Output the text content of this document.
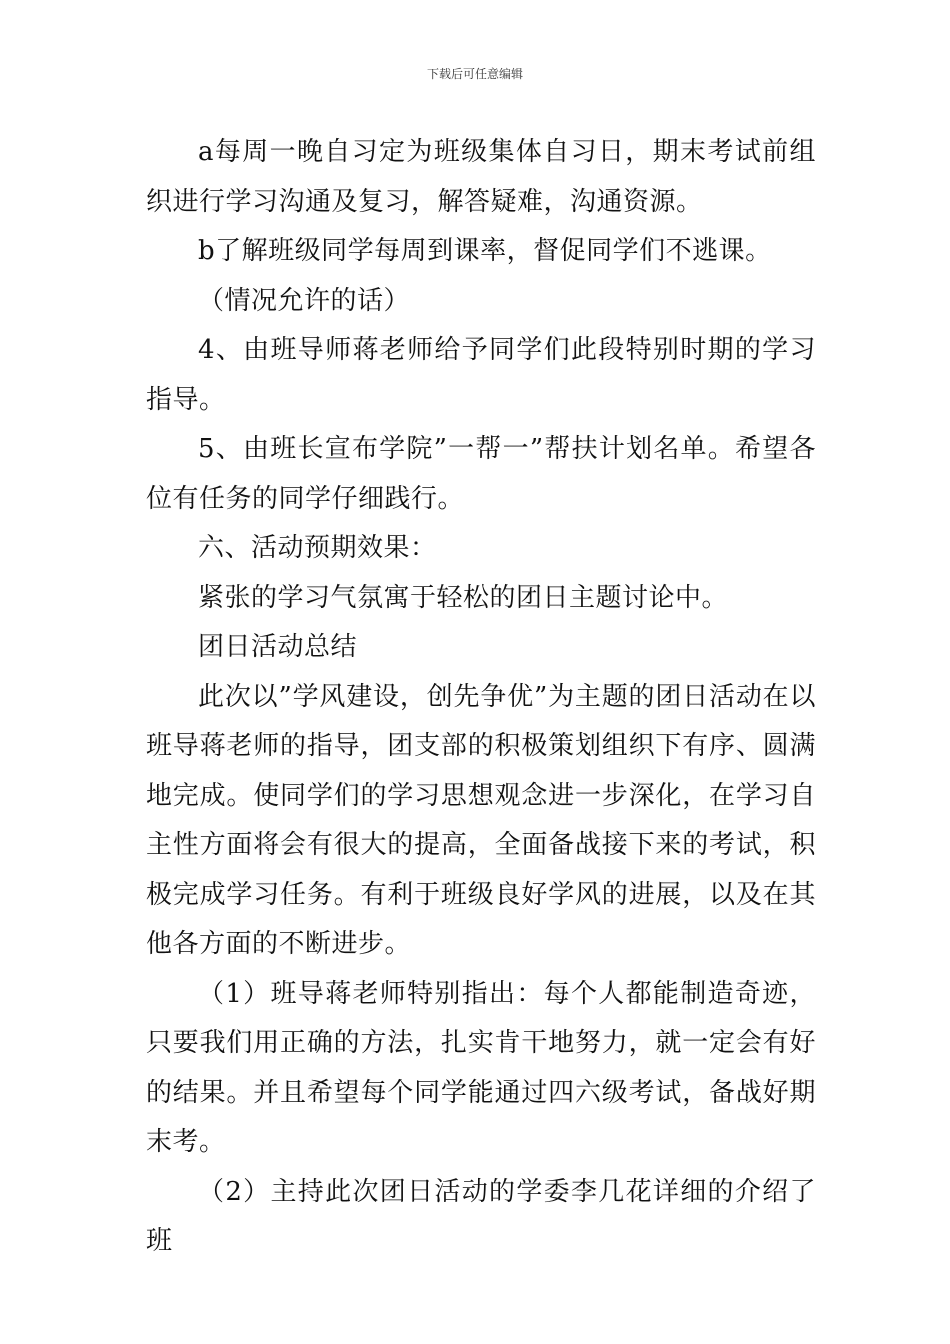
下载后可任意编辑

a每周一晚自习定为班级集体自习日，期末考试前组织进行学习沟通及复习，解答疑难，沟通资源。

b了解班级同学每周到课率，督促同学们不逃课。

（情况允许的话）

4、由班导师蒋老师给予同学们此段特别时期的学习指导。

5、由班长宣布学院”一帮一”帮扶计划名单。希望各位有任务的同学仔细践行。

六、活动预期效果：

紧张的学习气氛寓于轻松的团日主题讨论中。

团日活动总结

此次以”学风建设，创先争优”为主题的团日活动在以班导蒋老师的指导，团支部的积极策划组织下有序、圆满地完成。使同学们的学习思想观念进一步深化，在学习自主性方面将会有很大的提高，全面备战接下来的考试，积极完成学习任务。有利于班级良好学风的进展，以及在其他各方面的不断进步。

（1）班导蒋老师特别指出：每个人都能制造奇迹，只要我们用正确的方法，扎实肯干地努力，就一定会有好的结果。并且希望每个同学能通过四六级考试，备战好期末考。

（2）主持此次团日活动的学委李几花详细的介绍了班
